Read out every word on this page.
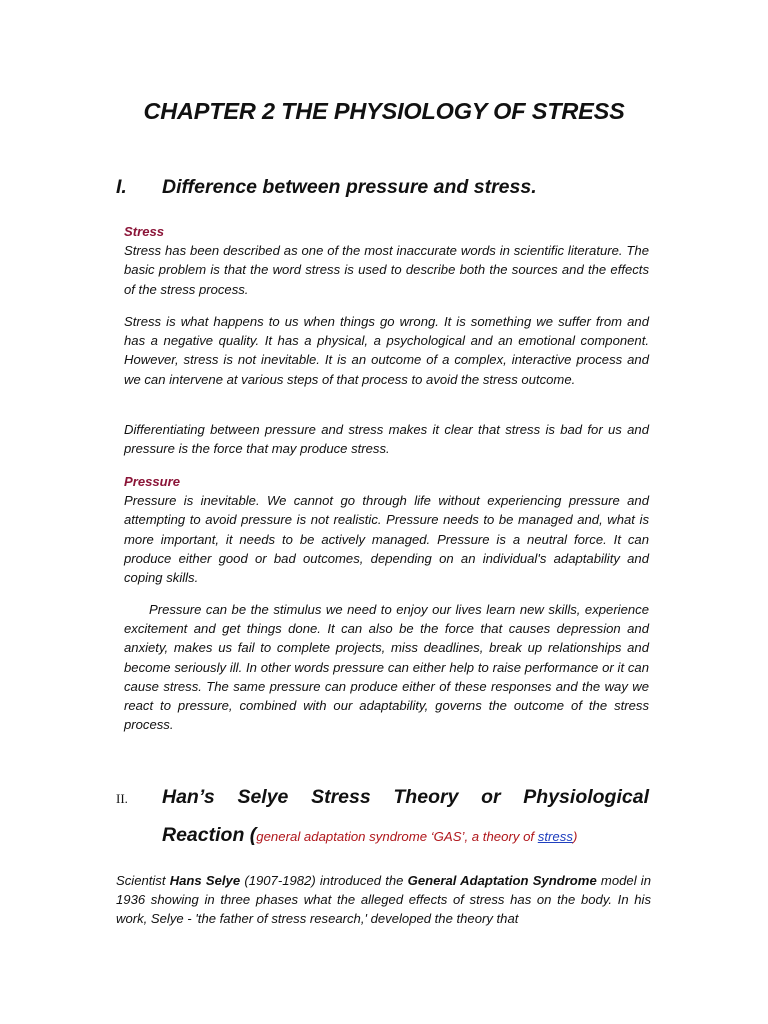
CHAPTER 2 THE PHYSIOLOGY OF STRESS
I. Difference between pressure and stress.
Stress

Stress has been described as one of the most inaccurate words in scientific literature. The basic problem is that the word stress is used to describe both the sources and the effects of the stress process.

Stress is what happens to us when things go wrong. It is something we suffer from and has a negative quality. It has a physical, a psychological and an emotional component. However, stress is not inevitable. It is an outcome of a complex, interactive process and we can intervene at various steps of that process to avoid the stress outcome.

Differentiating between pressure and stress makes it clear that stress is bad for us and pressure is the force that may produce stress.

Pressure

Pressure is inevitable. We cannot go through life without experiencing pressure and attempting to avoid pressure is not realistic. Pressure needs to be managed and, what is more important, it needs to be actively managed. Pressure is a neutral force. It can produce either good or bad outcomes, depending on an individual's adaptability and coping skills.

Pressure can be the stimulus we need to enjoy our lives learn new skills, experience excitement and get things done. It can also be the force that causes depression and anxiety, makes us fail to complete projects, miss deadlines, break up relationships and become seriously ill. In other words pressure can either help to raise performance or it can cause stress. The same pressure can produce either of these responses and the way we react to pressure, combined with our adaptability, governs the outcome of the stress process.

II. Han’s Selye Stress Theory or Physiological
Reaction (general adaptation syndrome ‘GAS’, a theory of stress)

Scientist Hans Selye (1907-1982) introduced the General Adaptation Syndrome model in 1936 showing in three phases what the alleged effects of stress has on the body. In his work, Selye - 'the father of stress research,' developed the theory that
